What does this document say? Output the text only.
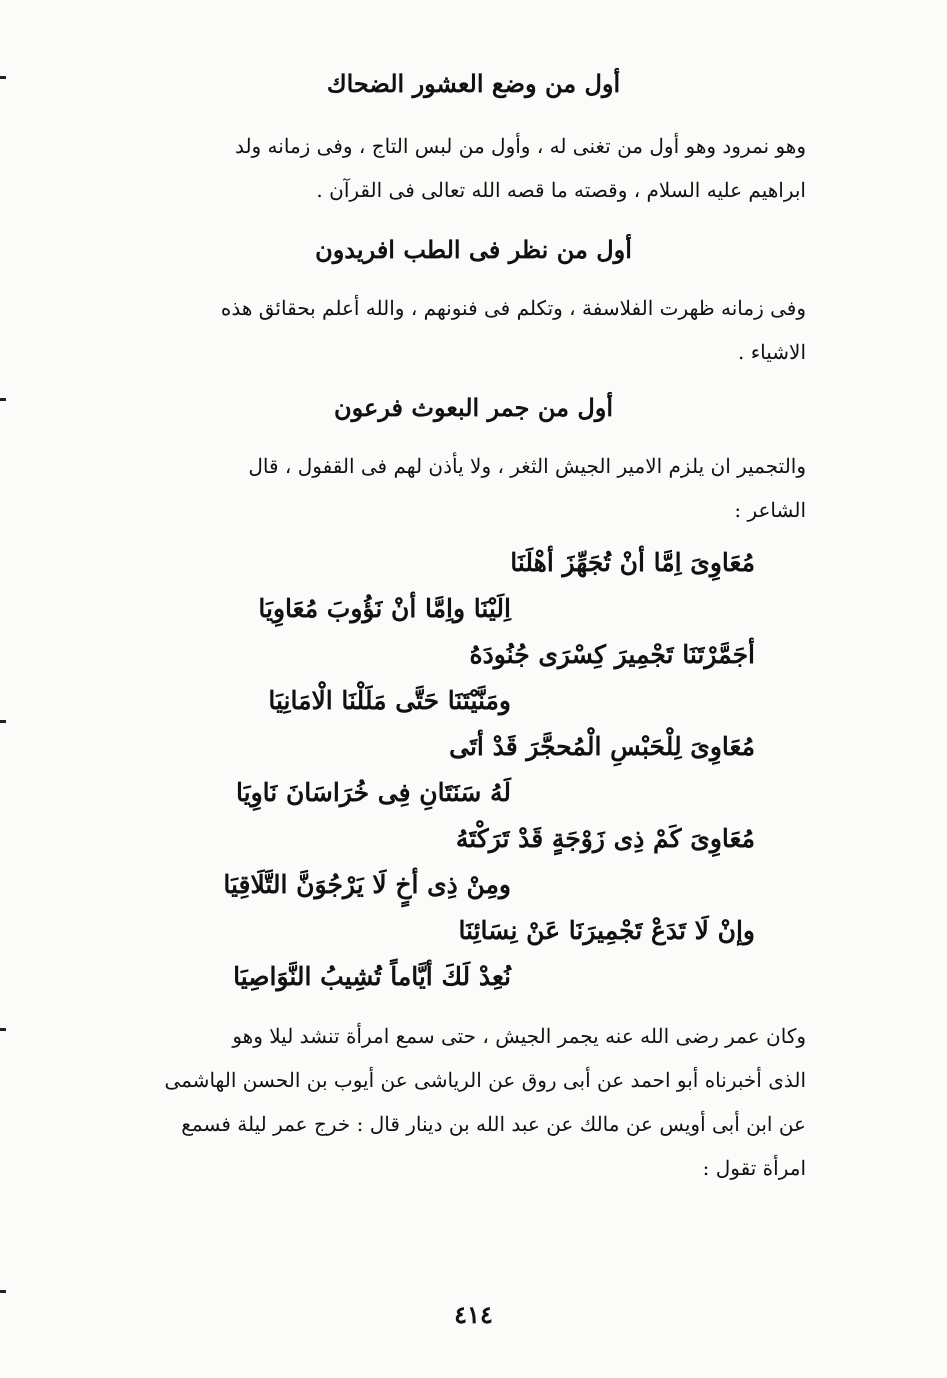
أول من وضع العشور الضحاك
وهو نمرود وهو أول من تغنى له ، وأول من لبس التاج ، وفى زمانه ولد
ابراهيم عليه السلام ، وقصته ما قصه الله تعالى فى القرآن .
أول من نظر فى الطب افريدون
وفى زمانه ظهرت الفلاسفة ، وتكلم فى فنونهم ، والله أعلم بحقائق هذه
الاشياء .
أول من جمر البعوث فرعون
والتجمير ان يلزم الامير الجيش الثغر ، ولا يأذن لهم فى القفول ، قال
الشاعر :
مُعَاوِىَ اِمَّا أنْ تُجَهِّزَ أهْلَنَا
اِلَيْنَا واِمَّا أنْ نَؤُوبَ مُعَاوِيَا
أجَمَّرْتَنَا تَجْمِيرَ كِسْرَى جُنُودَهُ
ومَنَّيْتَنَا حَتَّى مَلَلْنَا الْامَانِيَا
مُعَاوِىَ لِلْحَبْسِ الْمُحجَّرَ قَدْ أتَى
لَهُ سَنَتَانِ فِى خُرَاسَانَ نَاوِيَا
مُعَاوِىَ كَمْ ذِى زَوْجَةٍ قَدْ تَرَكْتَهُ
ومِنْ ذِى أخٍ لَا يَرْجُوَنَّ التَّلَاقِيَا
وإنْ لَا تَدَعْ تَجْمِيرَنَا عَنْ نِسَائِنَا
نُعِدْ لَكَ أيَّاماً تُشِيبُ النَّوَاصِيَا
وكان عمر رضى الله عنه يجمر الجيش ، حتى سمع امرأة تنشد ليلا وهو
الذى أخبرناه أبو احمد عن أبى روق عن الرياشى عن أيوب بن الحسن الهاشمى
عن ابن أبى أويس عن مالك عن عبد الله بن دينار قال : خرج عمر ليلة فسمع
امرأة تقول :
٤١٤
